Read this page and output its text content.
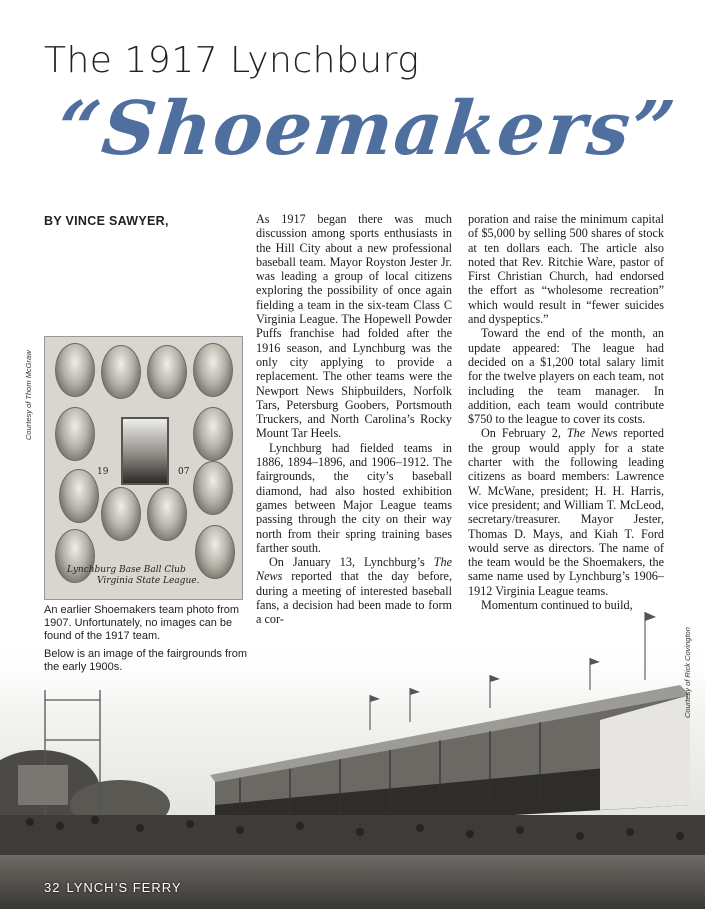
The 1917 Lynchburg
“Shoemakers”
BY VINCE SAWYER,
Courtesy of Thom McGraw
19	07
Lynchburg Base Ball Club
Virginia State League.

As 1917 began there was much discussion among sports enthusiasts in the Hill City about a new professional baseball team. Mayor Royston Jester Jr. was leading a group of local citizens exploring the possibility of once again fielding a team in the six-team Class C Virginia League. The Hopewell Powder Puffs franchise had folded after the 1916 season, and Lynchburg was the only city applying to provide a replacement. The other teams were the Newport News Shipbuilders, Norfolk Tars, Petersburg Goobers, Portsmouth Truckers, and North Carolina’s Rocky Mount Tar Heels.

Lynchburg had fielded teams in 1886, 1894–1896, and 1906–1912. The fairgrounds, the city’s baseball diamond, had also hosted exhibition games between Major League teams passing through the city on their way north from their spring training bases farther south.

On January 13, Lynchburg’s The News reported that the day before, during a meeting of interested baseball fans, a decision had been made to form a cor-

poration and raise the minimum capital of $5,000 by selling 500 shares of stock at ten dollars each. The article also noted that Rev. Ritchie Ware, pastor of First Christian Church, had endorsed the effort as “wholesome recreation” which would result in “fewer suicides and dyspeptics.”

Toward the end of the month, an update appeared: The league had decided on a $1,200 total salary limit for the twelve players on each team, not including the team manager. In addition, each team would contribute $750 to the league to cover its costs.

On February 2, The News reported the group would apply for a state charter with the following leading citizens as board members: Lawrence W. McWane, president; H. H. Harris, vice president; and William T. McLeod, secretary/treasurer. Mayor Jester, Thomas D. Mays, and Kiah T. Ford would serve as directors. The name of the team would be the Shoemakers, the same name used by Lynchburg’s 1906–1912 Virginia League teams.

Momentum continued to build,

Courtesy of Rick Covington
An earlier Shoemakers team photo from 1907. Unfortunately, no images can be found of the 1917 team.
Below is an image of the fairgrounds from the early 1900s.
32 LYNCH’S FERRY
